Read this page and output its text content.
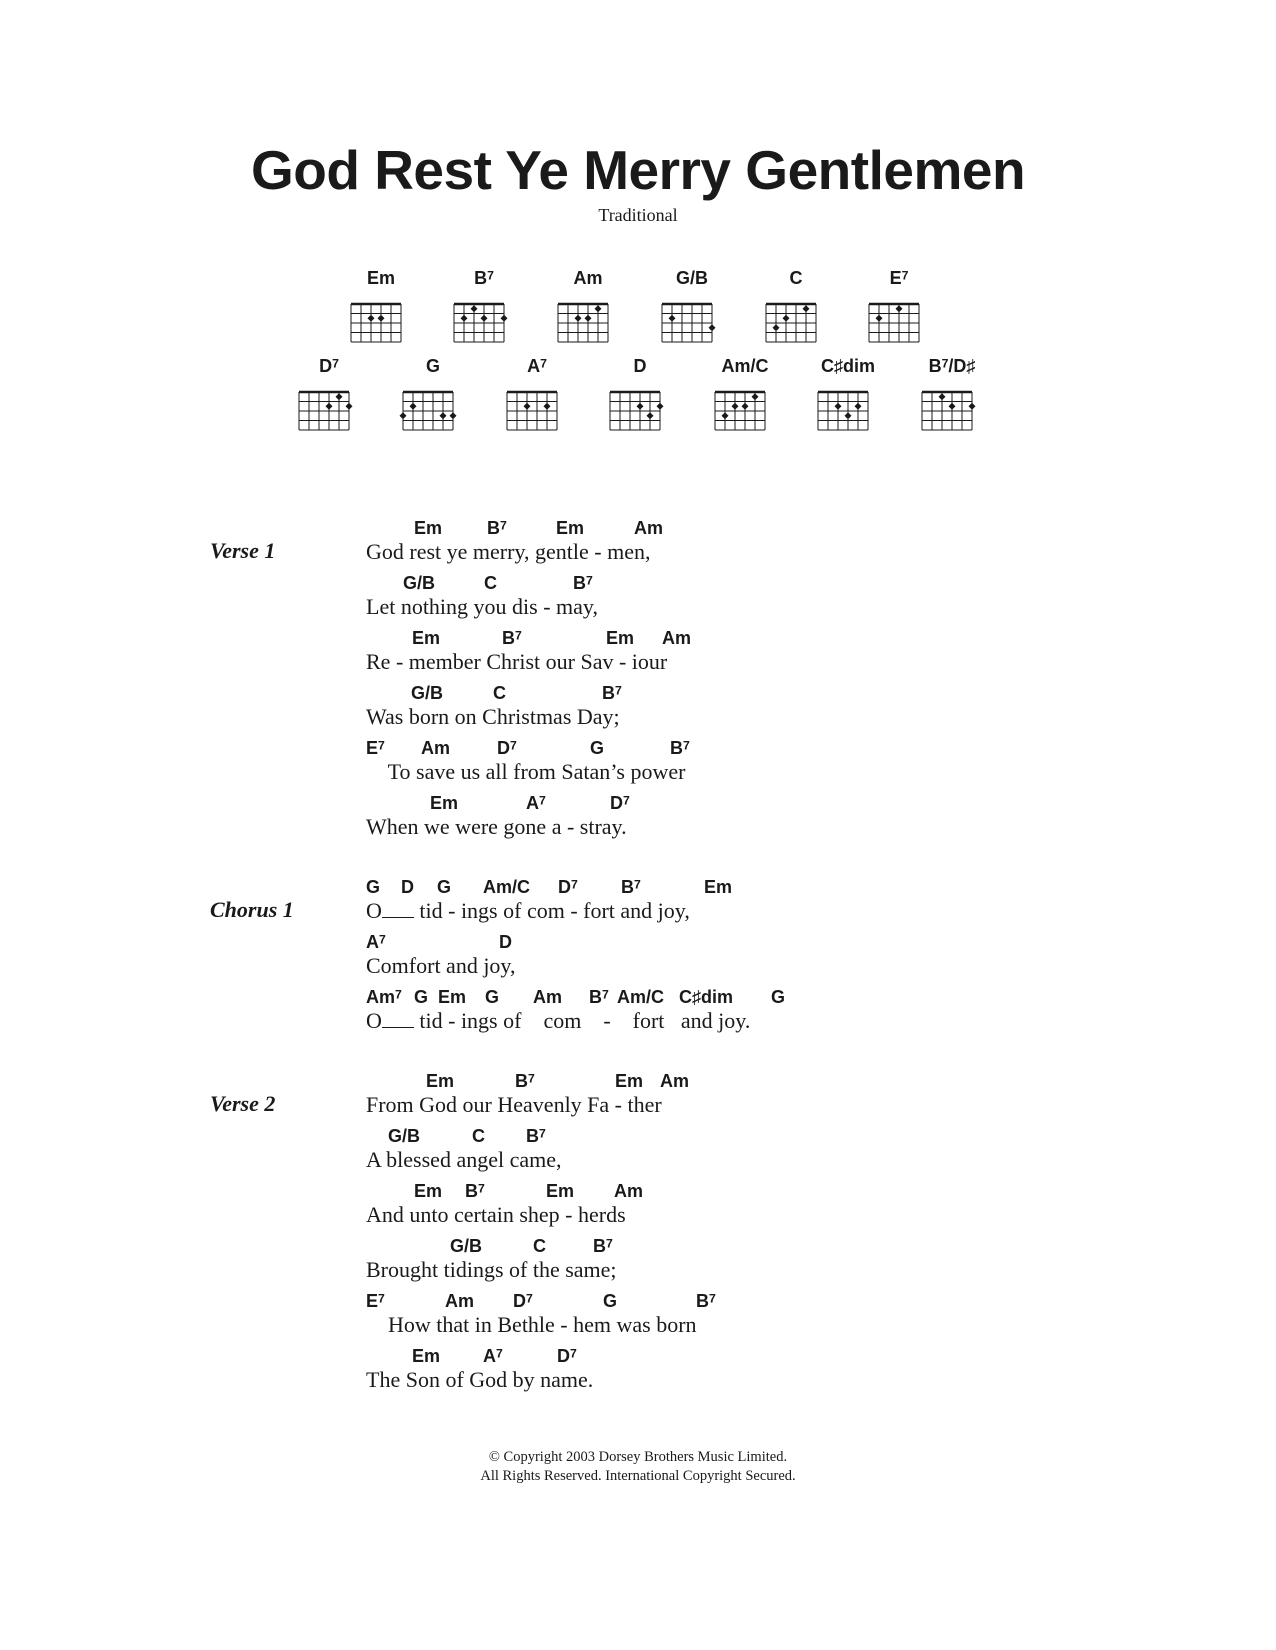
God Rest Ye Merry Gentlemen
Traditional
Em	$B^7$	Am	G/B	C	$E^7$
$D^7$	G	$A^7$	D	Am/C	C♯dim	$B^7/D♯$
Verse 1
Em $B^7$	Em	Am
God rest ye merry, gentle - men,
G/B	C	$B^7$
Let nothing you dis - may,
Em	$B^7$	Em Am
Re - member Christ our Sav - iour
G/B	C	$B^7$
Was born on Christmas Day;
$E^7$ Am	$D^7$	G	$B^7$
To save us all from Satan’s power
Em	$A^7$	$D^7$
When we were gone a - stray.
Chorus 1
G D G Am/C $D^7$ $B^7$	Em
O tid - ings of com - fort and joy,
$A^7$	D
Comfort and joy,
Am$^7$ G Em G Am $B^7$ Am/C C♯dim G
O tid - ings of    com    -    fort   and joy.
Verse 2
Em	$B^7$	Em Am
From God our Heavenly Fa - ther
G/B	C $B^7$
A blessed angel came,
Em $B^7$	Em Am
And unto certain shep - herds
G/B	C	$B^7$
Brought tidings of the same;
$E^7$	Am $D^7$	G	$B^7$
How that in Bethle - hem was born
Em $A^7$	$D^7$
The Son of God by name.
© Copyright 2003 Dorsey Brothers Music Limited.
All Rights Reserved. International Copyright Secured.
